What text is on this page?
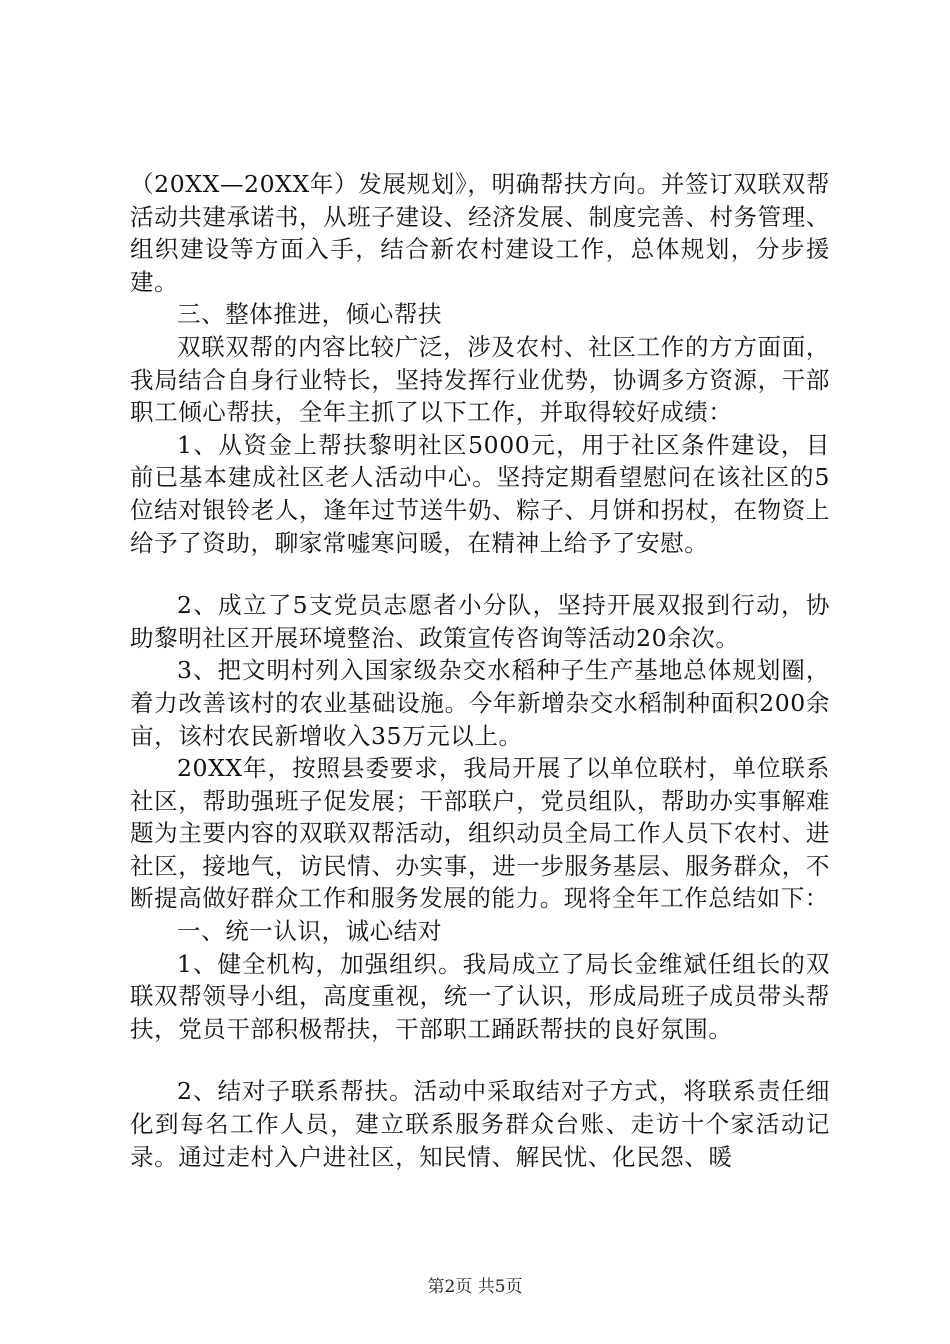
（20XX—20XX年）发展规划》，明确帮扶方向。并签订双联双帮活动共建承诺书，从班子建设、经济发展、制度完善、村务管理、组织建设等方面入手，结合新农村建设工作，总体规划，分步援建。

三、整体推进，倾心帮扶

双联双帮的内容比较广泛，涉及农村、社区工作的方方面面，我局结合自身行业特长，坚持发挥行业优势，协调多方资源，干部职工倾心帮扶，全年主抓了以下工作，并取得较好成绩：

1、从资金上帮扶黎明社区5000元，用于社区条件建设，目前已基本建成社区老人活动中心。坚持定期看望慰问在该社区的5位结对银铃老人，逢年过节送牛奶、粽子、月饼和拐杖，在物资上给予了资助，聊家常嘘寒问暖，在精神上给予了安慰。

2、成立了5支党员志愿者小分队，坚持开展双报到行动，协助黎明社区开展环境整治、政策宣传咨询等活动20余次。

3、把文明村列入国家级杂交水稻种子生产基地总体规划圈，着力改善该村的农业基础设施。今年新增杂交水稻制种面积200余亩，该村农民新增收入35万元以上。

20XX年，按照县委要求，我局开展了以单位联村，单位联系社区，帮助强班子促发展；干部联户，党员组队，帮助办实事解难题为主要内容的双联双帮活动，组织动员全局工作人员下农村、进社区，接地气，访民情、办实事，进一步服务基层、服务群众，不断提高做好群众工作和服务发展的能力。现将全年工作总结如下：

一、统一认识，诚心结对

1、健全机构，加强组织。我局成立了局长金维斌任组长的双联双帮领导小组，高度重视，统一了认识，形成局班子成员带头帮扶，党员干部积极帮扶，干部职工踊跃帮扶的良好氛围。

2、结对子联系帮扶。活动中采取结对子方式，将联系责任细化到每名工作人员，建立联系服务群众台账、走访十个家活动记录。通过走村入户进社区，知民情、解民忧、化民怨、暖

第2页 共5页
